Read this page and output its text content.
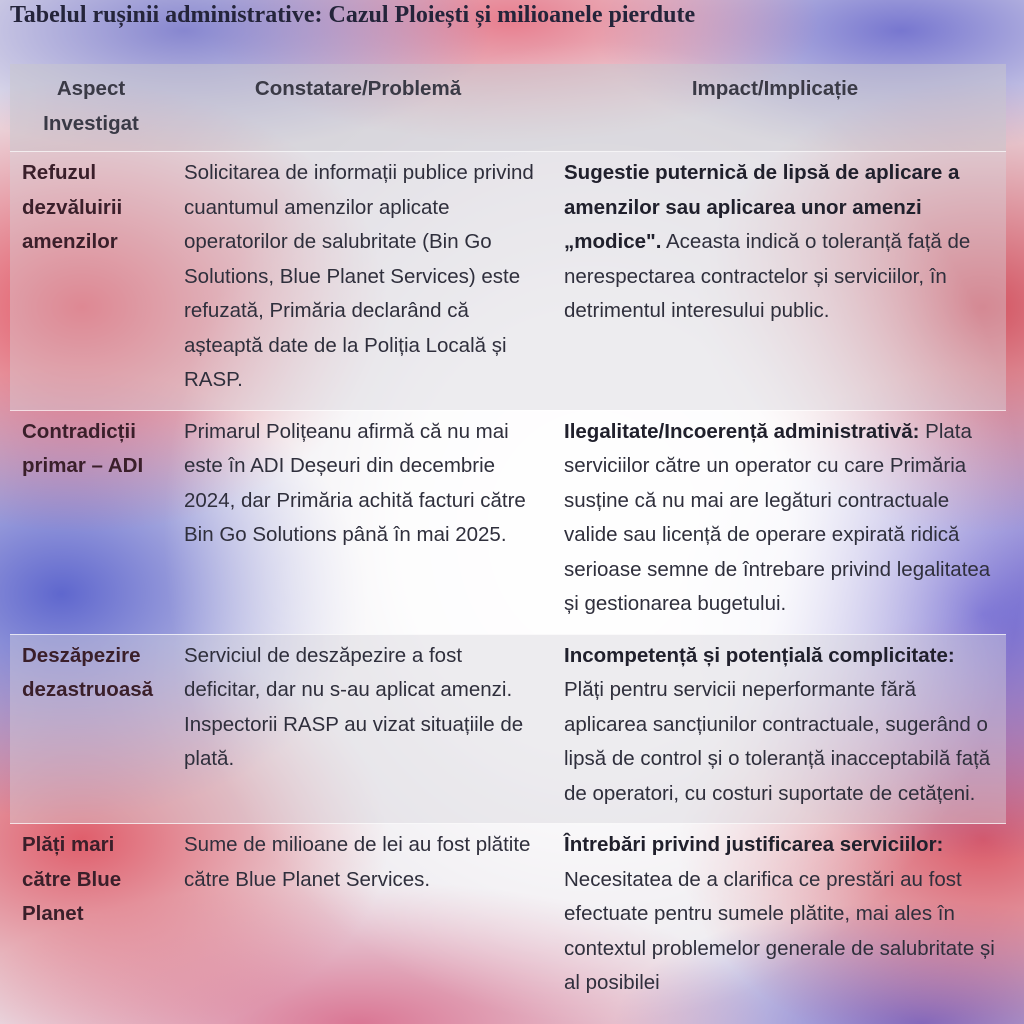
Tabelul rușinii administrative: Cazul Ploiești și milioanele pierdute
Aspect Investigat	Constatare/Problemă	Impact/Implicație
Refuzul dezvăluirii amenzilor	Solicitarea de informații publice privind cuantumul amenzilor aplicate operatorilor de salubritate (Bin Go Solutions, Blue Planet Services) este refuzată, Primăria declarând că așteaptă date de la Poliția Locală și RASP.	Sugestie puternică de lipsă de aplicare a amenzilor sau aplicarea unor amenzi „modice". Aceasta indică o toleranță față de nerespectarea contractelor și serviciilor, în detrimentul interesului public.
Contradicții primar – ADI	Primarul Polițeanu afirmă că nu mai este în ADI Deșeuri din decembrie 2024, dar Primăria achită facturi către Bin Go Solutions până în mai 2025.	Ilegalitate/Incoerență administrativă: Plata serviciilor către un operator cu care Primăria susține că nu mai are legături contractuale valide sau licență de operare expirată ridică serioase semne de întrebare privind legalitatea și gestionarea bugetului.
Deszăpezire dezastruoasă	Serviciul de deszăpezire a fost deficitar, dar nu s-au aplicat amenzi. Inspectorii RASP au vizat situațiile de plată.	Incompetență și potențială complicitate: Plăți pentru servicii neperformante fără aplicarea sancțiunilor contractuale, sugerând o lipsă de control și o toleranță inacceptabilă față de operatori, cu costuri suportate de cetățeni.
Plăți mari către Blue Planet	Sume de milioane de lei au fost plătite către Blue Planet Services.	Întrebări privind justificarea serviciilor: Necesitatea de a clarifica ce prestări au fost efectuate pentru sumele plătite, mai ales în contextul problemelor generale de salubritate și al posibilei
